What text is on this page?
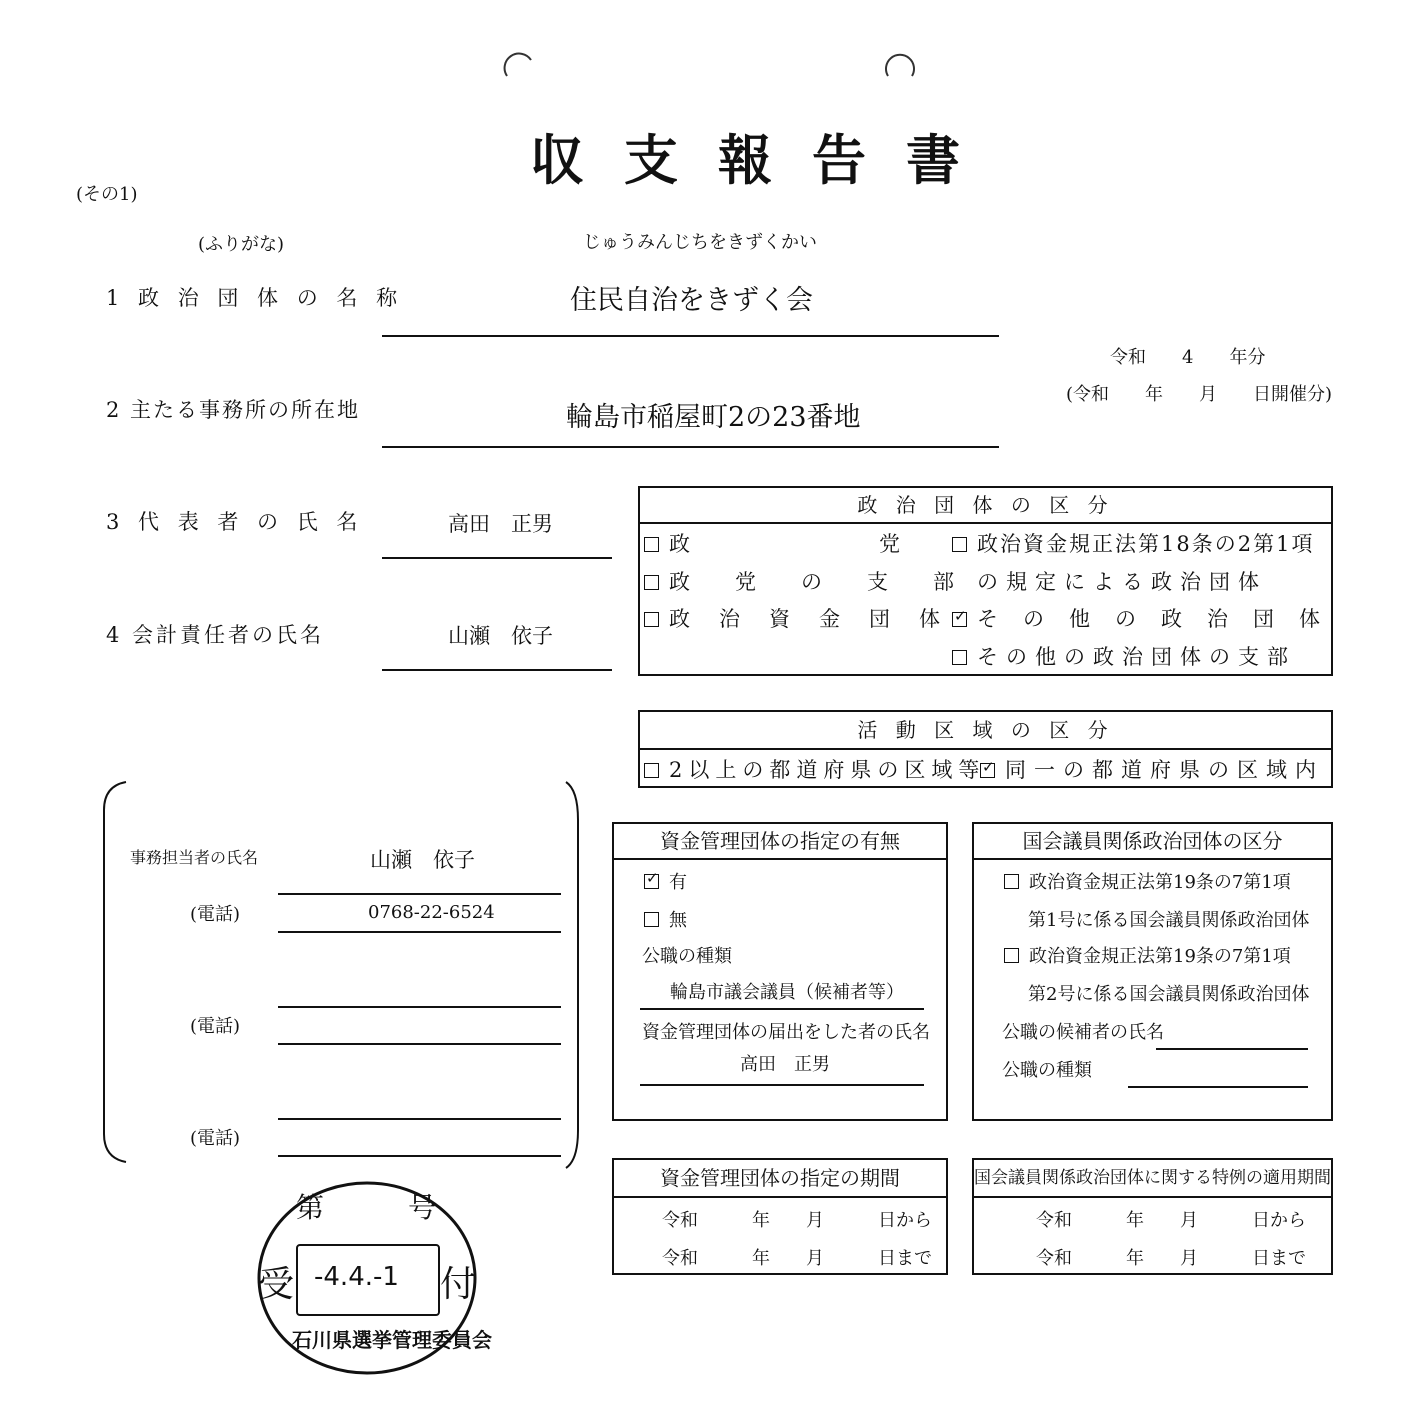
収支報告書
(その1)
(ふりがな)	じゅうみんじちをきずくかい
1 政 治 団 体 の 名 称	住民自治をきずく会
2 主たる事務所の所在地	輪島市稲屋町2の23番地
3 代 表 者 の 氏 名	高田　正男
4 会計責任者の氏名	山瀬　依子
令和　　4　　年分
(令和　　年　　月　　日開催分)
政 治 団 体 の 区 分
政　　　　　　　　　党
政　党　の　支　部
政　治　資　金　団　体
政治資金規正法第18条の2第1項
の規定による政治団体
✓そ　の　他　の　政　治　団　体
その他の政治団体の支部
活 動 区 域 の 区 分
2以上の都道府県の区域等
✓ 同一の都道府県の区域内
事務担当者の氏名	山瀬　依子
(電話)	0768-22-6524
(電話)
(電話)
資金管理団体の指定の有無
✓有
無
公職の種類
輪島市議会議員（候補者等）
資金管理団体の届出をした者の氏名
高田　正男
国会議員関係政治団体の区分
政治資金規正法第19条の7第1項
第1号に係る国会議員関係政治団体
政治資金規正法第19条の7第1項
第2号に係る国会議員関係政治団体
公職の候補者の氏名
公職の種類
資金管理団体の指定の期間
令和　　　年　　月　　　日から
令和　　　年　　月　　　日まで
国会議員関係政治団体に関する特例の適用期間
令和　　　年　　月　　　日から
令和　　　年　　月　　　日まで
第　　　号
受	付
-4.4.-1
石川県選挙管理委員会
